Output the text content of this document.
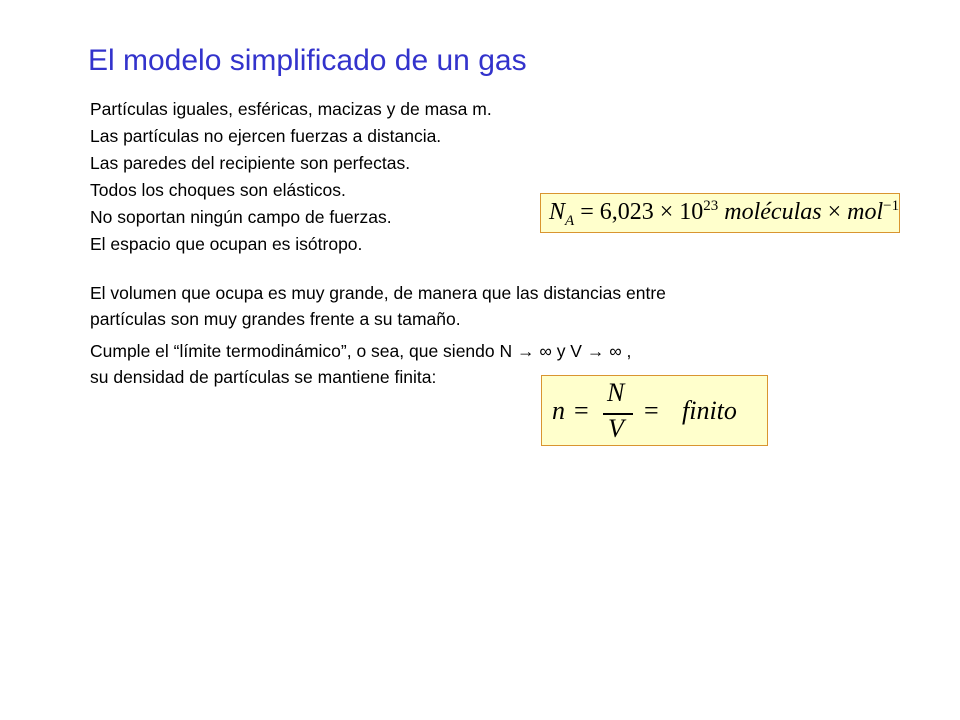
El modelo simplificado de un gas
Partículas iguales, esféricas, macizas y de masa m.
Las partículas no ejercen fuerzas a distancia.
Las paredes del recipiente son perfectas.
Todos los choques son elásticos.
No soportan ningún campo de fuerzas.
El espacio que ocupan es isótropo.
$N_A = 6,023 \times 10^{23}$ moléculas × mol$^{-1}$
El volumen que ocupa es muy grande, de manera que las distancias entre
partículas son muy grandes frente a su tamaño.
Cumple el “límite termodinámico”, o sea, que siendo N → ∞ y V → ∞ ,
su densidad de partículas se mantiene finita:
n =
N
V
= finito
